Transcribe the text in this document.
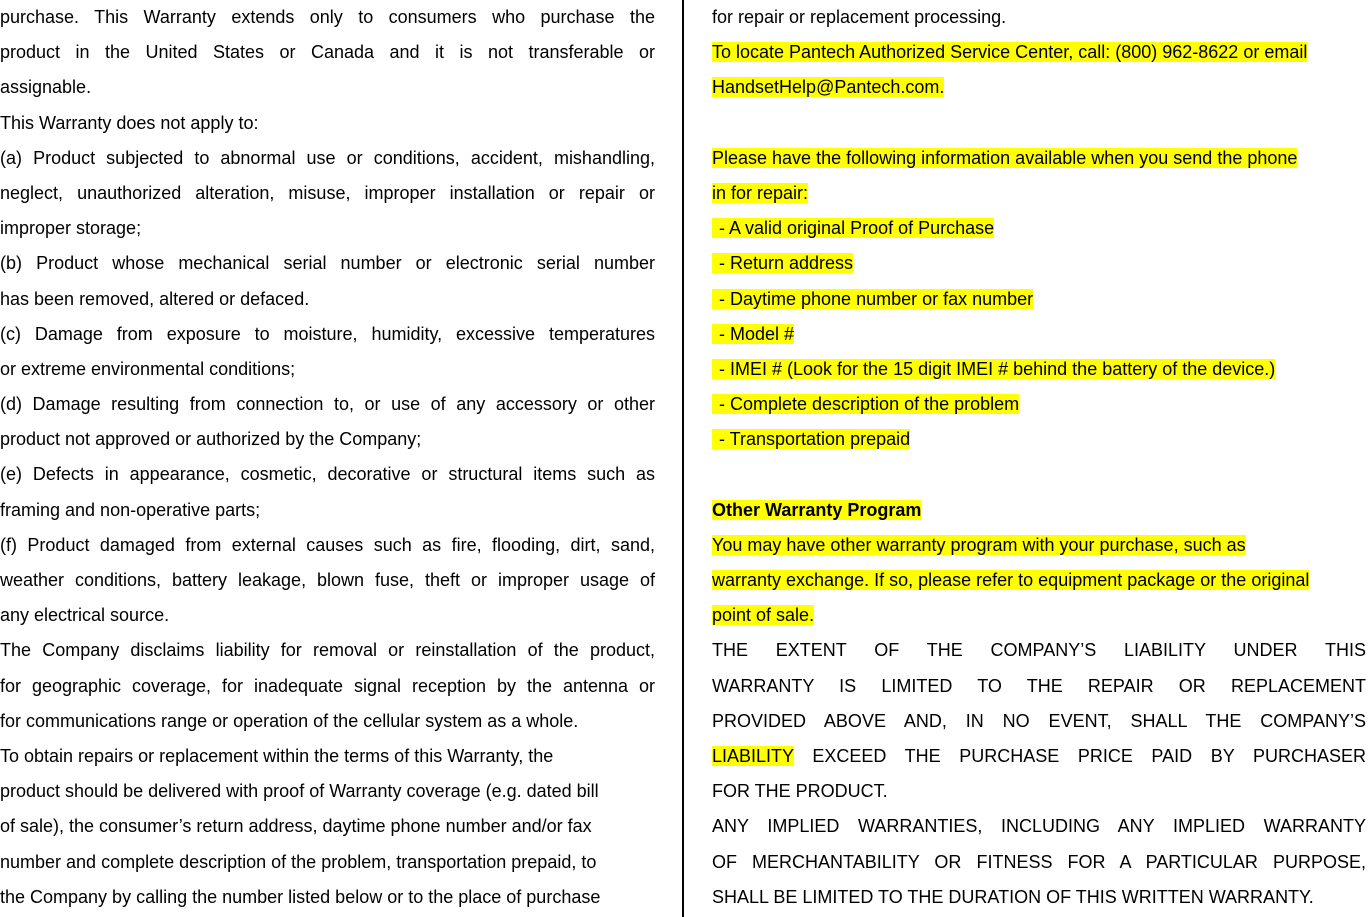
purchase. This Warranty extends only to consumers who purchase the
product in the United States or Canada and it is not transferable or
assignable.
This Warranty does not apply to:
(a) Product subjected to abnormal use or conditions, accident, mishandling,
neglect, unauthorized alteration, misuse, improper installation or repair or
improper storage;
(b) Product whose mechanical serial number or electronic serial number
has been removed, altered or defaced.
(c) Damage from exposure to moisture, humidity, excessive temperatures
or extreme environmental conditions;
(d) Damage resulting from connection to, or use of any accessory or other
product not approved or authorized by the Company;
(e) Defects in appearance, cosmetic, decorative or structural items such as
framing and non-operative parts;
(f) Product damaged from external causes such as fire, flooding, dirt, sand,
weather conditions, battery leakage, blown fuse, theft or improper usage of
any electrical source.
The Company disclaims liability for removal or reinstallation of the product,
for geographic coverage, for inadequate signal reception by the antenna or
for communications range or operation of the cellular system as a whole.
To obtain repairs or replacement within the terms of this Warranty, the
product should be delivered with proof of Warranty coverage (e.g. dated bill
of sale), the consumer’s return address, daytime phone number and/or fax
number and complete description of the problem, transportation prepaid, to
the Company by calling the number listed below or to the place of purchase
for repair or replacement processing.
To locate Pantech Authorized Service Center, call: (800) 962-8622 or email
HandsetHelp@Pantech.com.
Please have the following information available when you send the phone
in for repair:
- A valid original Proof of Purchase
- Return address
- Daytime phone number or fax number
- Model #
- IMEI # (Look for the 15 digit IMEI # behind the battery of the device.)
- Complete description of the problem
- Transportation prepaid
Other Warranty Program
You may have other warranty program with your purchase, such as
warranty exchange. If so, please refer to equipment package or the original
point of sale.
THE EXTENT OF THE COMPANY’S LIABILITY UNDER THIS
WARRANTY IS LIMITED TO THE REPAIR OR REPLACEMENT
PROVIDED ABOVE AND, IN NO EVENT, SHALL THE COMPANY’S
LIABILITY EXCEED THE PURCHASE PRICE PAID BY PURCHASER
FOR THE PRODUCT.
ANY IMPLIED WARRANTIES, INCLUDING ANY IMPLIED WARRANTY
OF MERCHANTABILITY OR FITNESS FOR A PARTICULAR PURPOSE,
SHALL BE LIMITED TO THE DURATION OF THIS WRITTEN WARRANTY.
